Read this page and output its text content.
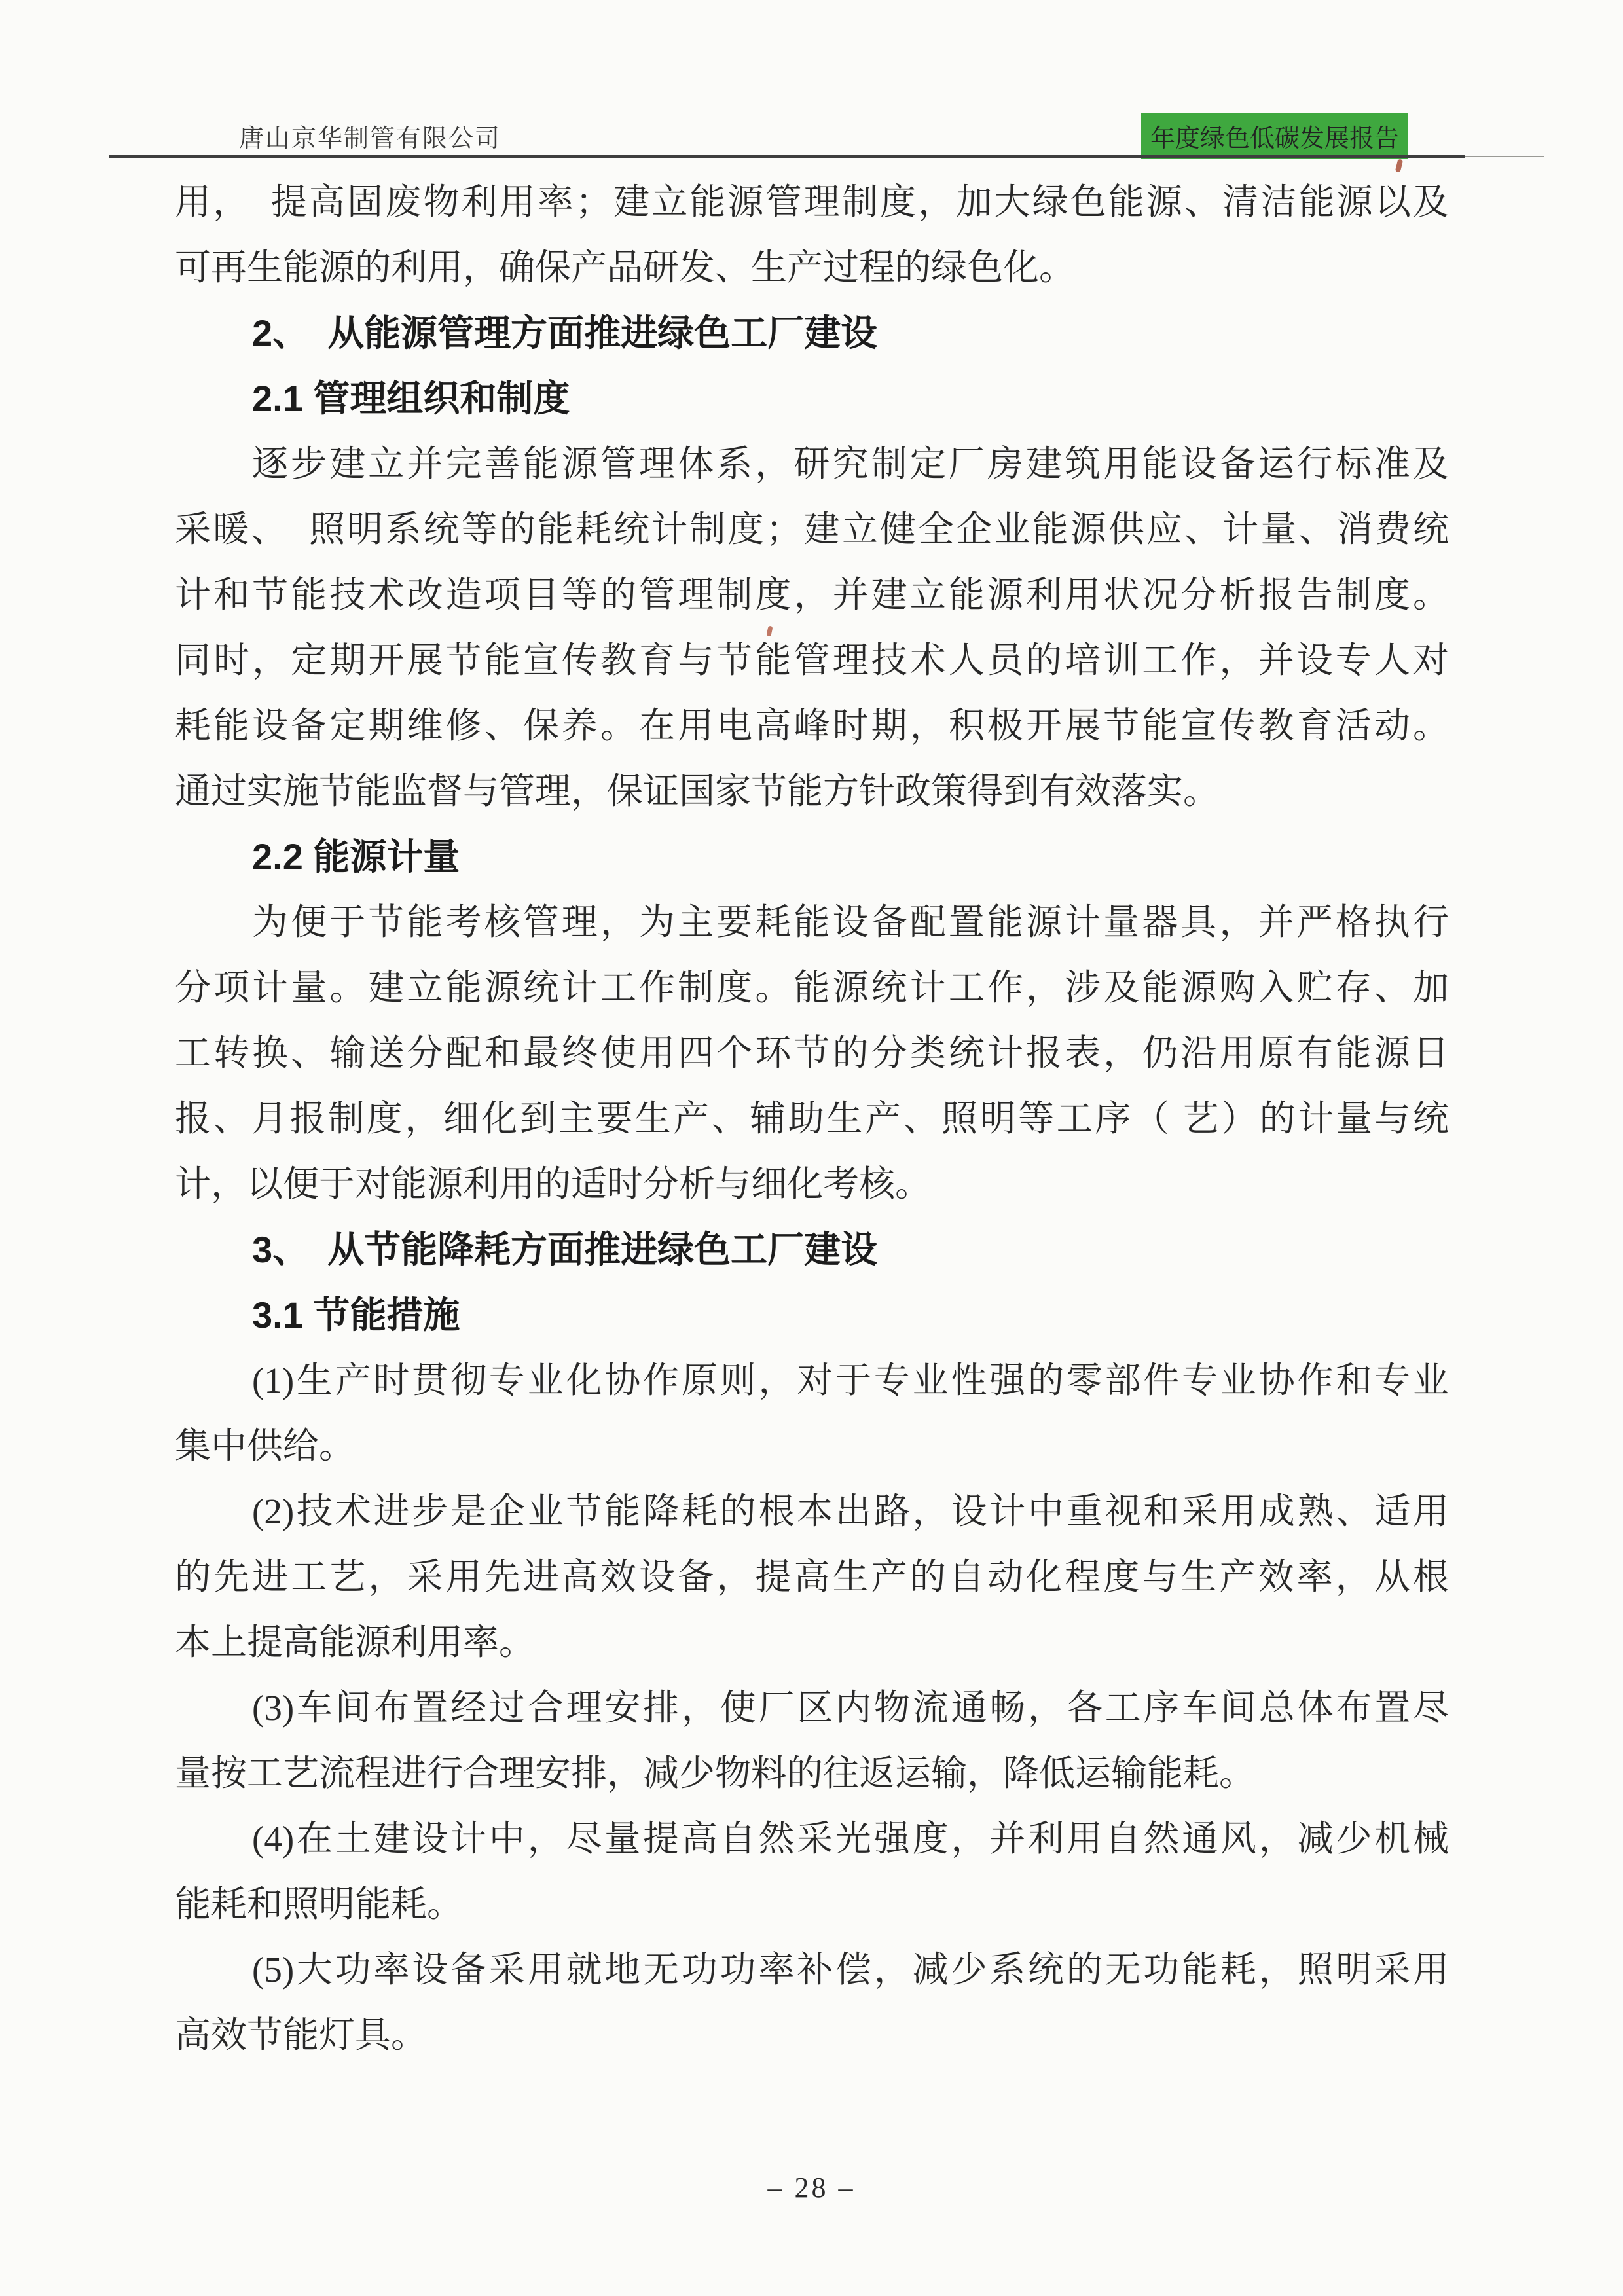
唐山京华制管有限公司	年度绿色低碳发展报告
用，　提高固废物利用率；建立能源管理制度，加大绿色能源、清洁能源以及
可再生能源的利用，确保产品研发、生产过程的绿色化。
2、　从能源管理方面推进绿色工厂建设
2.1 管理组织和制度
逐步建立并完善能源管理体系，研究制定厂房建筑用能设备运行标准及
采暖、　照明系统等的能耗统计制度；建立健全企业能源供应、计量、消费统
计和节能技术改造项目等的管理制度，并建立能源利用状况分析报告制度。
同时，定期开展节能宣传教育与节能管理技术人员的培训工作，并设专人对
耗能设备定期维修、保养。在用电高峰时期，积极开展节能宣传教育活动。
通过实施节能监督与管理，保证国家节能方针政策得到有效落实。
2.2 能源计量
为便于节能考核管理，为主要耗能设备配置能源计量器具，并严格执行
分项计量。建立能源统计工作制度。能源统计工作，涉及能源购入贮存、加
工转换、输送分配和最终使用四个环节的分类统计报表，仍沿用原有能源日
报、月报制度，细化到主要生产、辅助生产、照明等工序（ 艺）的计量与统
计，以便于对能源利用的适时分析与细化考核。
3、　从节能降耗方面推进绿色工厂建设
3.1 节能措施
(1)生产时贯彻专业化协作原则，对于专业性强的零部件专业协作和专业
集中供给。
(2)技术进步是企业节能降耗的根本出路，设计中重视和采用成熟、适用
的先进工艺，采用先进高效设备，提高生产的自动化程度与生产效率，从根
本上提高能源利用率。
(3)车间布置经过合理安排，使厂区内物流通畅，各工序车间总体布置尽
量按工艺流程进行合理安排，减少物料的往返运输，降低运输能耗。
(4)在土建设计中，尽量提高自然采光强度，并利用自然通风，减少机械
能耗和照明能耗。
(5)大功率设备采用就地无功功率补偿，减少系统的无功能耗，照明采用
高效节能灯具。
– 28 –
